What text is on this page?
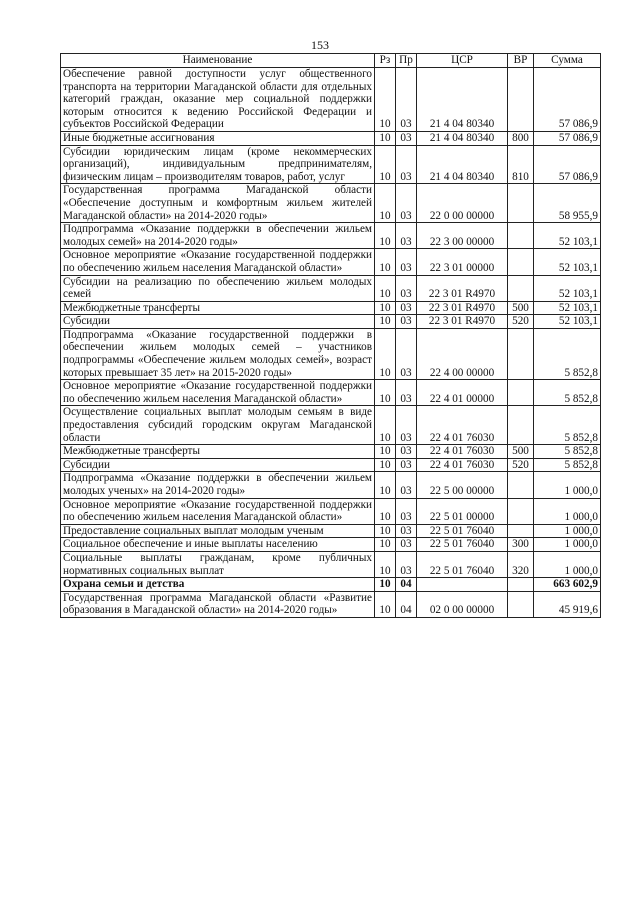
153
Наименование	Рз	Пр	ЦСР	ВР	Сумма
Обеспечение равной доступности услуг общественного транспорта на территории Магаданской области для отдельных категорий граждан, оказание мер социальной поддержки которым относится к ведению Российской Федерации и субъектов Российской Федерации	10	03	21 4 04 80340		57 086,9
Иные бюджетные ассигнования	10	03	21 4 04 80340	800	57 086,9
Субсидии юридическим лицам (кроме некоммерческих организаций), индивидуальным предпринимателям, физическим лицам – производителям товаров, работ, услуг	10	03	21 4 04 80340	810	57 086,9
Государственная программа Магаданской области «Обеспечение доступным и комфортным жильем жителей Магаданской области» на 2014-2020 годы»	10	03	22 0 00 00000		58 955,9
Подпрограмма «Оказание поддержки в обеспечении жильем молодых семей» на 2014-2020 годы»	10	03	22 3 00 00000		52 103,1
Основное мероприятие «Оказание государственной поддержки по обеспечению жильем населения Магаданской области»	10	03	22 3 01 00000		52 103,1
Субсидии на реализацию по обеспечению жильем молодых семей	10	03	22 3 01 R4970		52 103,1
Межбюджетные трансферты	10	03	22 3 01 R4970	500	52 103,1
Субсидии	10	03	22 3 01 R4970	520	52 103,1
Подпрограмма «Оказание государственной поддержки в обеспечении жильем молодых семей – участников подпрограммы «Обеспечение жильем молодых семей», возраст которых превышает 35 лет» на 2015-2020 годы»	10	03	22 4 00 00000		5 852,8
Основное мероприятие «Оказание государственной поддержки по обеспечению жильем населения Магаданской области»	10	03	22 4 01 00000		5 852,8
Осуществление социальных выплат молодым семьям в виде предоставления субсидий городским округам Магаданской области	10	03	22 4 01 76030		5 852,8
Межбюджетные трансферты	10	03	22 4 01 76030	500	5 852,8
Субсидии	10	03	22 4 01 76030	520	5 852,8
Подпрограмма «Оказание поддержки в обеспечении жильем молодых ученых» на 2014-2020 годы»	10	03	22 5 00 00000		1 000,0
Основное мероприятие «Оказание государственной поддержки по обеспечению жильем населения Магаданской области»	10	03	22 5 01 00000		1 000,0
Предоставление социальных выплат молодым ученым	10	03	22 5 01 76040		1 000,0
Социальное обеспечение и иные выплаты населению	10	03	22 5 01 76040	300	1 000,0
Социальные выплаты гражданам, кроме публичных нормативных социальных выплат	10	03	22 5 01 76040	320	1 000,0
Охрана семьи и детства	10	04			663 602,9
Государственная программа Магаданской области «Развитие образования в Магаданской области» на 2014-2020 годы»	10	04	02 0 00 00000		45 919,6
